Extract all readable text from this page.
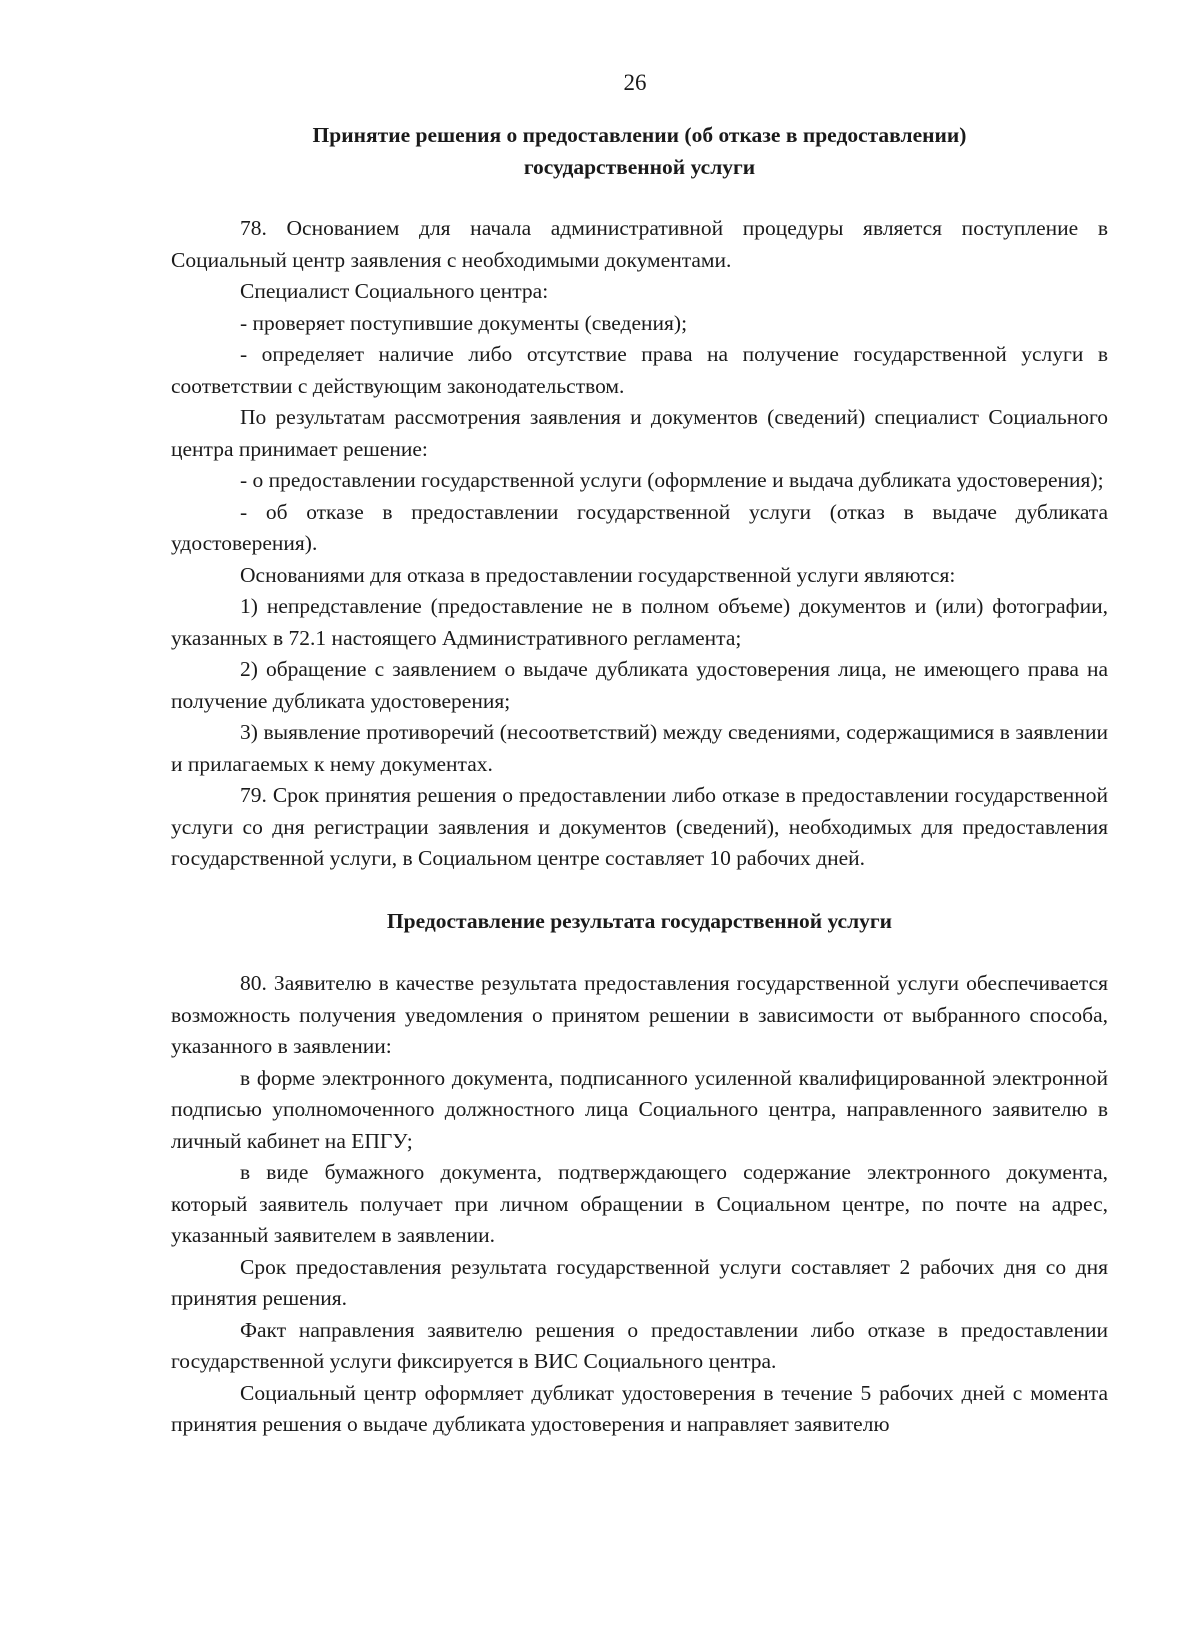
26
Принятие решения о предоставлении (об отказе в предоставлении)
государственной услуги

78. Основанием для начала административной процедуры является поступление в Социальный центр заявления с необходимыми документами.

Специалист Социального центра:

- проверяет поступившие документы (сведения);

- определяет наличие либо отсутствие права на получение государственной услуги в соответствии с действующим законодательством.

По результатам рассмотрения заявления и документов (сведений) специалист Социального центра принимает решение:

- о предоставлении государственной услуги (оформление и выдача дубликата удостоверения);

- об отказе в предоставлении государственной услуги (отказ в выдаче дубликата удостоверения).

Основаниями для отказа в предоставлении государственной услуги являются:

1) непредставление (предоставление не в полном объеме) документов и (или) фотографии, указанных в 72.1 настоящего Административного регламента;

2) обращение с заявлением о выдаче дубликата удостоверения лица, не имеющего права на получение дубликата удостоверения;

3) выявление противоречий (несоответствий) между сведениями, содержащимися в заявлении и прилагаемых к нему документах.

79. Срок принятия решения о предоставлении либо отказе в предоставлении государственной услуги со дня регистрации заявления и документов (сведений), необходимых для предоставления государственной услуги, в Социальном центре составляет 10 рабочих дней.

Предоставление результата государственной услуги

80. Заявителю в качестве результата предоставления государственной услуги обеспечивается возможность получения уведомления о принятом решении в зависимости от выбранного способа, указанного в заявлении:

в форме электронного документа, подписанного усиленной квалифицированной электронной подписью уполномоченного должностного лица Социального центра, направленного заявителю в личный кабинет на ЕПГУ;

в виде бумажного документа, подтверждающего содержание электронного документа, который заявитель получает при личном обращении в Социальном центре, по почте на адрес, указанный заявителем в заявлении.

Срок предоставления результата государственной услуги составляет 2 рабочих дня со дня принятия решения.

Факт направления заявителю решения о предоставлении либо отказе в предоставлении государственной услуги фиксируется в ВИС Социального центра.

Социальный центр оформляет дубликат удостоверения в течение 5 рабочих дней с момента принятия решения о выдаче дубликата удостоверения и направляет заявителю
